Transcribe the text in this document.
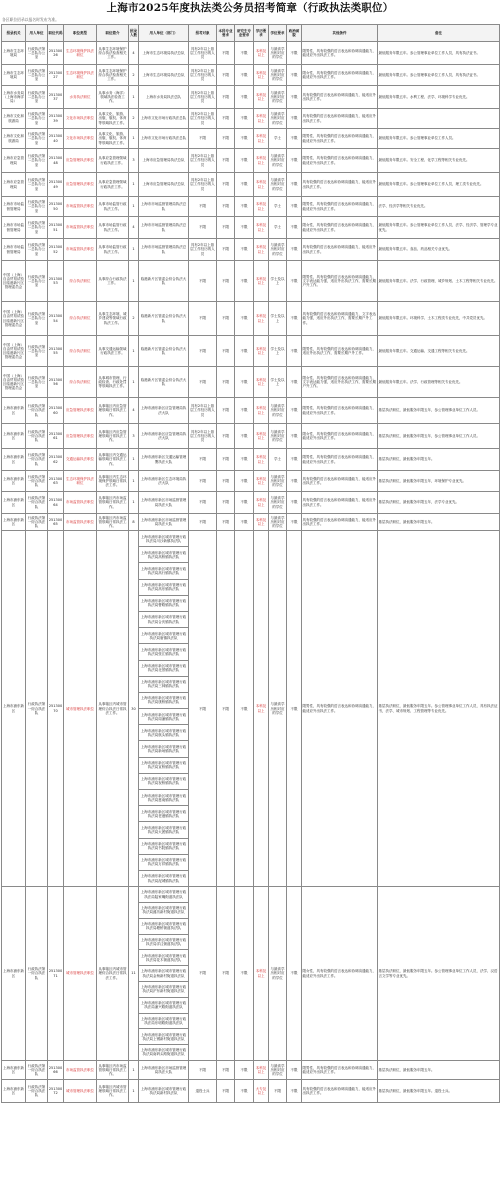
上海市2025年度执法类公务员招考简章（行政执法类职位）
各区职位招录以报名时发布为准。
招录机关	用人单位	职位代码	职位类型	职位简介	招录人数	用人单位（部门）	招考对象	本科专业要求	研究生专业要求	学历要求	学位要求	政治面貌	其他条件	备注
上海市生态环境局	行政执法第二总队办公室	25130026	生态环境保护执法职位	从事生态环境保护综合执法检查相关工作。	4	上海市生态环境局执法总队	具有2年以上基层工作经历的人员	不限	不限	本科及以上	与最高学历相对应的学位	不限	限男性，具有较强的语言表达和协调沟通能力，能适应外出执法工作。	最低服务年限五年。参公管理事业单位工作人员，具有执法证书。
上海市生态环境局	行政执法第二总队办公室	25130027	生态环境保护执法职位	从事生态环境保护综合执法检查相关工作。	2	上海市生态环境局执法总队	具有2年以上基层工作经历的人员	不限	不限	本科及以上	与最高学历相对应的学位	不限	限女性，具有较强的语言表达和协调沟通能力，能适应外出执法工作。	最低服务年限五年。参公管理事业单位工作人员，具有执法证书。
上海市水务局（上海市海洋局）	行政执法第二总队办公室	25130037	水务执法职位	从事水务（海洋）领域执法检查工作。	1	上海市水务局执法总队	具有2年以上基层工作经历的人员	不限	不限	本科及以上	与最高学历相对应的学位	不限	具有较强的语言表达和协调沟通能力，能适应外出执法工作。	最低服务年限五年。水利工程、法学、环境科学专业优先。
上海市文化和旅游局	行政执法第二总队办公室	25130039	文化市场执法职位	从事文化、旅游、出版、版权、体育等领域执法工作。	2	上海市文化市场行政执法总队	具有2年以上基层工作经历的人员	不限	不限	本科及以上	与最高学历相对应的学位	不限	具有较强的语言表达和协调沟通能力，能适应外出执法工作。	
上海市文化和旅游局	行政执法第二总队办公室	25130040	文化市场执法职位	从事文化、旅游、出版、版权、体育等领域执法工作。	1	上海市文化市场行政执法总队	不限	不限	不限	本科及以上	学士	不限	限男性，具有较强的语言表达和协调沟通能力，能适应外出执法工作。	最低服务年限五年。参公管理事业单位工作人员。
上海市应急管理局	行政执法第二总队办公室	25130048	应急管理执法职位	从事应急管理领域行政执法工作。	3	上海市应急管理局执法总队	具有2年以上基层工作经历的人员	不限	不限	本科及以上	与最高学历相对应的学位	不限	限男性，具有较强的语言表达和协调沟通能力，能适应外出执法工作。	最低服务年限五年。安全工程、化学工程等相关专业优先。
上海市应急管理局	行政执法第二总队办公室	25130049	应急管理执法职位	从事应急管理领域行政执法工作。	1	上海市应急管理局执法总队	具有2年以上基层工作经历的人员	不限	不限	本科及以上	与最高学历相对应的学位	不限	具有较强的语言表达和协调沟通能力，能适应外出执法工作。	最低服务年限五年。参公管理事业单位工作人员，理工类专业优先。
上海市市场监督管理局	行政执法第二总队办公室	25130050	市场监管执法职位	从事市场监管行政执法工作。	1	上海市市场监督管理局执法总队	不限	不限	不限	本科及以上	学士	不限	限男性，具有较强的语言表达和协调沟通能力，能适应外出执法工作。	法学、经济学等相关专业优先。
上海市市场监督管理局	行政执法第二总队办公室	25130051	市场监管执法职位	从事市场监管行政执法工作。	4	上海市市场监督管理局执法总队	不限	不限	不限	本科及以上	学士	不限	限女性，具有较强的语言表达和协调沟通能力，能适应外出执法工作。	最低服务年限五年。参公管理事业单位工作人员，法学、经济学、管理学专业优先。
上海市市场监督管理局	行政执法第二总队办公室	25130052	市场监管执法职位	从事市场监管行政执法工作。	1	上海市市场监督管理局执法总队	具有2年以上基层工作经历的人员	不限	不限	本科及以上	与最高学历相对应的学位	不限	具有较强的语言表达和协调沟通能力，能适应外出执法工作。	最低服务年限五年。食品、药品相关专业优先。
中国（上海）自由贸易试验区临港新片区管理委员会	行政执法第二总队办公室	25130053	综合执法职位	从事综合行政执法工作。	1	临港新片区管委会综合执法大队	不限	不限	不限	本科及以上	学士及以上	不限	限男性，具有较强的语言表达和协调沟通能力，文字表达能力强，适应外出执法工作，需要长期户外工作。	最低服务年限五年。法学、行政管理、城乡规划、土木工程等相关专业优先。
中国（上海）自由贸易试验区临港新片区管理委员会	行政执法第二总队办公室	25130054	综合执法职位	从事生态环境、城乡建设等领域行政执法工作。	2	临港新片区管委会综合执法大队	不限	不限	不限	本科及以上	学士及以上	不限	具有较强的语言表达和协调沟通能力，文字表达能力强，适应外出执法工作，需要长期户外工作。	最低服务年限五年。环境科学、土木工程类专业优先，中共党员优先。
中国（上海）自由贸易试验区临港新片区管理委员会	行政执法第二总队办公室	25130055	综合执法职位	从事交通运输领域行政执法工作。	1	临港新片区管委会综合执法大队	不限	不限	不限	本科及以上	学士及以上	不限	限男性，具有较强的语言表达和协调沟通能力，适应外出执法工作，需要长期户外工作。	最低服务年限五年。交通运输、交通工程等相关专业优先。
中国（上海）自由贸易试验区临港新片区管理委员会	行政执法第二总队办公室	25130056	综合执法职位	从事城市管理、行政检查、行政处罚等领域执法工作。	1	临港新片区管委会综合执法大队	不限	不限	不限	本科及以上	学士及以上	不限	限女性，具有较强的语言表达和协调沟通能力，文字表达能力强，适应外出执法工作，需要长期户外工作。	最低服务年限五年。法学、行政管理等相关专业优先。
上海市浦东新区	行政执法第一综合执法队	25130060	应急管理执法职位	从事辖区内应急管理领域日常执法工作。	4	上海市浦东新区应急管理局执法大队	具有2年以上基层工作经历的人员	不限	不限	本科及以上	与最高学历相对应的学位	不限	限男性，具有较强的语言表达和协调沟通能力，能适应外出执法工作。	基层执法职位，最低服务年限五年，参公管理事业单位工作人员。
上海市浦东新区	行政执法第一综合执法队	25130061	应急管理执法职位	从事辖区内应急管理领域日常执法工作。	3	上海市浦东新区应急管理局执法大队	具有2年以上基层工作经历的人员	不限	不限	本科及以上	与最高学历相对应的学位	不限	限女性，具有较强的语言表达和协调沟通能力，能适应外出执法工作。	基层执法职位，最低服务年限五年，参公管理事业单位工作人员。
上海市浦东新区	行政执法第一综合执法队	25130062	交通运输执法职位	从事辖区内交通运输领域日常执法工作。	1	上海市浦东新区交通运输管理署执法大队	不限	不限	不限	本科及以上	学士	不限	限男性，具有较强的语言表达和协调沟通能力，能适应外出执法工作。	基层执法职位，最低服务年限五年。
上海市浦东新区	行政执法第一综合执法队	25130063	生态环境保护执法职位	从事辖区内生态环境保护领域日常执法工作。	1	上海市浦东新区生态环境局执法大队	不限	不限	不限	本科及以上	与最高学历相对应的学位	不限	具有较强的语言表达和协调沟通能力，能适应外出执法工作。	基层执法职位，最低服务年限五年，环境保护专业优先。
上海市浦东新区	行政执法第一综合执法队	25130064	市场监管执法职位	从事辖区内市场监管领域日常执法工作。	1	上海市浦东新区市场监督管理局执法大队	不限	不限	不限	本科及以上	与最高学历相对应的学位	不限	具有较强的语言表达和协调沟通能力，能适应外出执法工作。	基层执法职位，最低服务年限五年，法学专业优先。
上海市浦东新区	行政执法第一综合执法队	25130065	市场监管执法职位	从事辖区内市场监管领域日常执法工作。	8	上海市浦东新区市场监督管理局执法大队	不限	不限	不限	本科及以上	与最高学历相对应的学位	不限	具有较强的语言表达和协调沟通能力，能适应外出执法工作。	基层执法职位，最低服务年限五年。
上海市浦东新区	行政执法第一综合执法队	25130070	城市管理执法职位	从事辖区内城市管理综合执法日常执法工作。	30	上海市浦东新区城市管理行政执法局川沙新镇执法队	不限	不限	不限	本科及以上	与最高学历相对应的学位	不限	限男性，具有较强的语言表达和协调沟通能力，能适应外出执法工作。	基层执法职位，最低服务年限五年。参公管理事业单位工作人员，具有执法证书，法学、城市规划、工程管理等专业优先。
						上海市浦东新区城市管理行政执法局高桥镇执法队								
						上海市浦东新区城市管理行政执法局高行镇执法队								
						上海市浦东新区城市管理行政执法局高东镇执法队								
						上海市浦东新区城市管理行政执法局曹路镇执法队								
						上海市浦东新区城市管理行政执法局合庆镇执法队								
						上海市浦东新区城市管理行政执法局唐镇执法队								
						上海市浦东新区城市管理行政执法局张江镇执法队								
						上海市浦东新区城市管理行政执法局北蔡镇执法队								
						上海市浦东新区城市管理行政执法局三林镇执法队								
						上海市浦东新区城市管理行政执法局康桥镇执法队								
						上海市浦东新区城市管理行政执法局周浦镇执法队								
						上海市浦东新区城市管理行政执法局航头镇执法队								
						上海市浦东新区城市管理行政执法局新场镇执法队								
						上海市浦东新区城市管理行政执法局宣桥镇执法队								
						上海市浦东新区城市管理行政执法局祝桥镇执法队								
						上海市浦东新区城市管理行政执法局惠南镇执法队								
						上海市浦东新区城市管理行政执法局老港镇执法队								
						上海市浦东新区城市管理行政执法局大团镇执法队								
						上海市浦东新区城市管理行政执法局书院镇执法队								
						上海市浦东新区城市管理行政执法局万祥镇执法队								
						上海市浦东新区城市管理行政执法局泥城镇执法队								
上海市浦东新区	行政执法第一综合执法队	25130071	城市管理执法职位	从事辖区内城市管理综合执法日常执法工作。	11	上海市浦东新区城市管理行政执法局陆家嘴街道执法队	不限	不限	不限	本科及以上	与最高学历相对应的学位	不限	限女性，具有较强的语言表达和协调沟通能力，能适应外出执法工作。	基层执法职位，最低服务年限五年。参公管理事业单位工作人员，法学、汉语言文学等专业优先。
						上海市浦东新区城市管理行政执法局潍坊新村街道执法队								
						上海市浦东新区城市管理行政执法局塘桥街道执法队								
						上海市浦东新区城市管理行政执法局洋泾街道执法队								
						上海市浦东新区城市管理行政执法局花木街道执法队								
						上海市浦东新区城市管理行政执法局金杨新村街道执法队								
						上海市浦东新区城市管理行政执法局沪东新村街道执法队								
						上海市浦东新区城市管理行政执法局浦兴路街道执法队								
						上海市浦东新区城市管理行政执法局东明路街道执法队								
						上海市浦东新区城市管理行政执法局上钢新村街道执法队								
						上海市浦东新区城市管理行政执法局南码头路街道执法队								
上海市浦东新区	行政执法第一综合执法队	25130066	市场监管执法职位	从事辖区内市场监管领域日常执法工作。	1	上海市浦东新区市场监督管理局执法大队	不限	不限	不限	本科及以上	与最高学历相对应的学位	不限	限男性，具有较强的语言表达和协调沟通能力，能适应外出执法工作。	基层执法职位，最低服务年限五年。
上海市浦东新区	行政执法第一综合执法队	25130072	城市管理执法职位	从事辖区内城市管理领域日常执法工作。	1	上海市浦东新区城市管理行政执法局新村执法队	退役士兵	不限	不限	大专及以上	不限	不限	具有较强的语言表达和协调沟通能力，能适应外出执法工作。	基层执法职位，最低服务年限五年。退役士兵。
